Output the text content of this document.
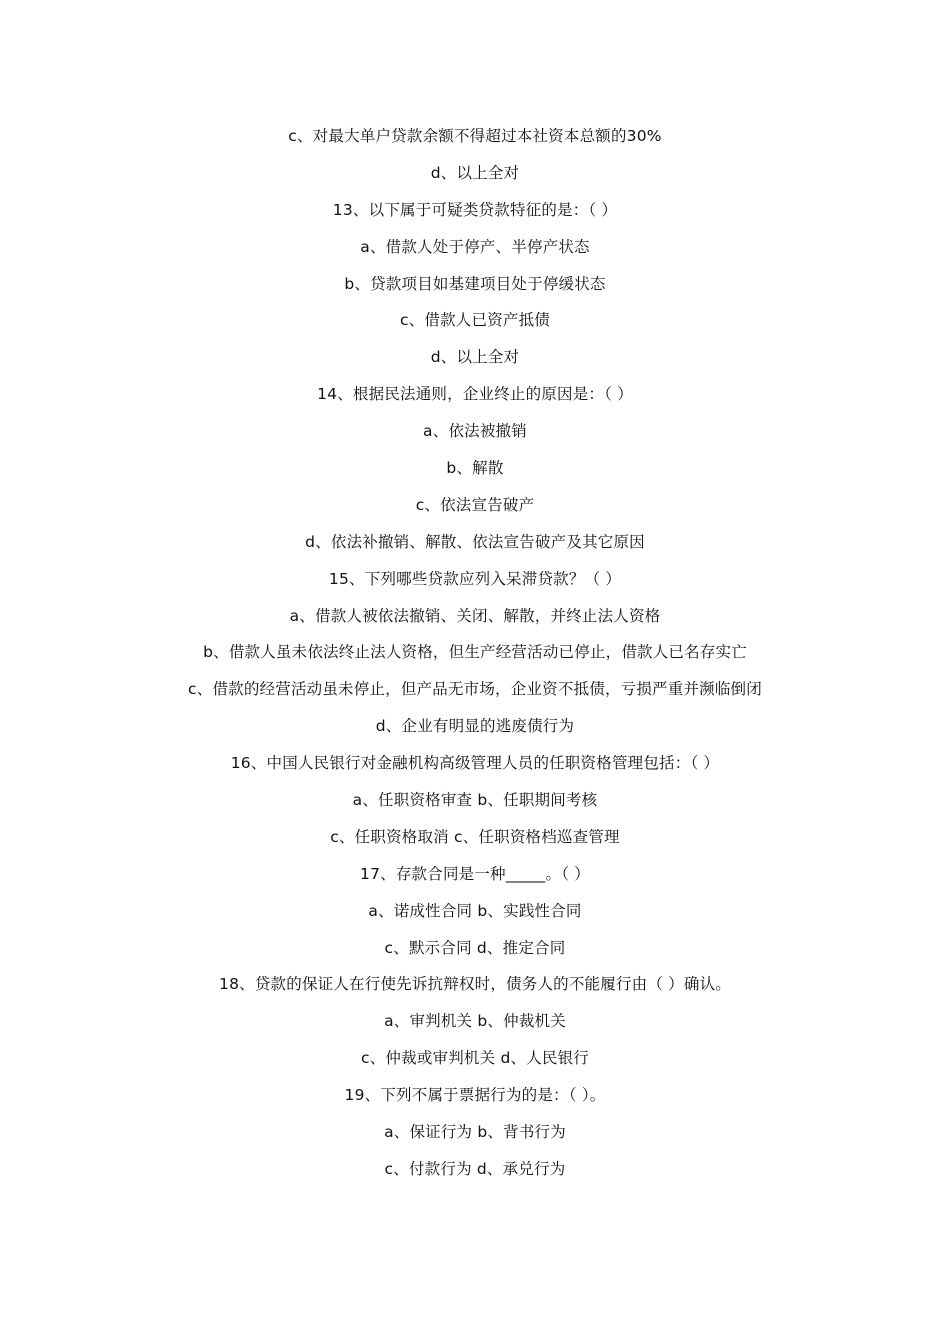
c、对最大单户贷款余额不得超过本社资本总额的30%
d、以上全对
13、以下属于可疑类贷款特征的是：（ ）
a、借款人处于停产、半停产状态
b、贷款项目如基建项目处于停缓状态
c、借款人已资产抵债
d、以上全对
14、根据民法通则，企业终止的原因是：（ ）
a、依法被撤销
b、解散
c、依法宣告破产
d、依法补撤销、解散、依法宣告破产及其它原因
15、下列哪些贷款应列入呆滞贷款？（ ）
a、借款人被依法撤销、关闭、解散，并终止法人资格
b、借款人虽未依法终止法人资格，但生产经营活动已停止，借款人已名存实亡
c、借款的经营活动虽未停止，但产品无市场，企业资不抵债，亏损严重并濒临倒闭
d、企业有明显的逃废债行为
16、中国人民银行对金融机构高级管理人员的任职资格管理包括：（ ）
a、任职资格审查 b、任职期间考核
c、任职资格取消 c、任职资格档巡查管理
17、存款合同是一种_____。（ ）
a、诺成性合同 b、实践性合同
c、默示合同 d、推定合同
18、贷款的保证人在行使先诉抗辩权时，债务人的不能履行由（ ）确认。
a、审判机关 b、仲裁机关
c、仲裁或审判机关 d、人民银行
19、下列不属于票据行为的是：（ ）。
a、保证行为 b、背书行为
c、付款行为 d、承兑行为
